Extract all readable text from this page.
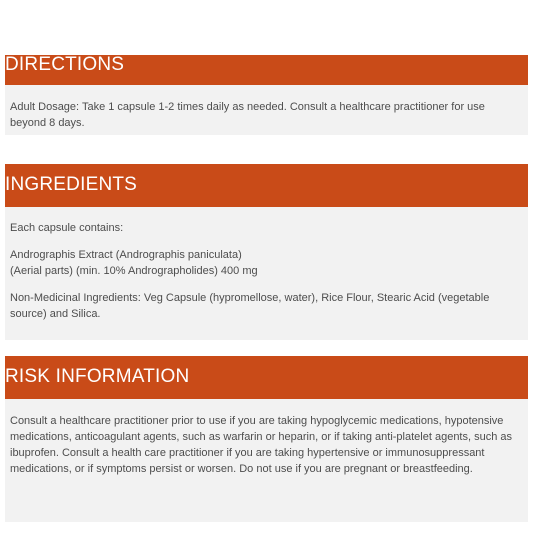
DIRECTIONS

Adult Dosage: Take 1 capsule 1-2 times daily as needed. Consult a healthcare practitioner for use beyond 8 days.

INGREDIENTS

Each capsule contains:

Andrographis Extract (Andrographis paniculata)

(Aerial parts) (min. 10% Andrographolides) 400 mg

Non-Medicinal Ingredients: Veg Capsule (hypromellose, water), Rice Flour, Stearic Acid (vegetable source) and Silica.

RISK INFORMATION

Consult a healthcare practitioner prior to use if you are taking hypoglycemic medications, hypotensive medications, anticoagulant agents, such as warfarin or heparin, or if taking anti-platelet agents, such as ibuprofen. Consult a health care practitioner if you are taking hypertensive or immunosuppressant medications, or if symptoms persist or worsen. Do not use if you are pregnant or breastfeeding.
